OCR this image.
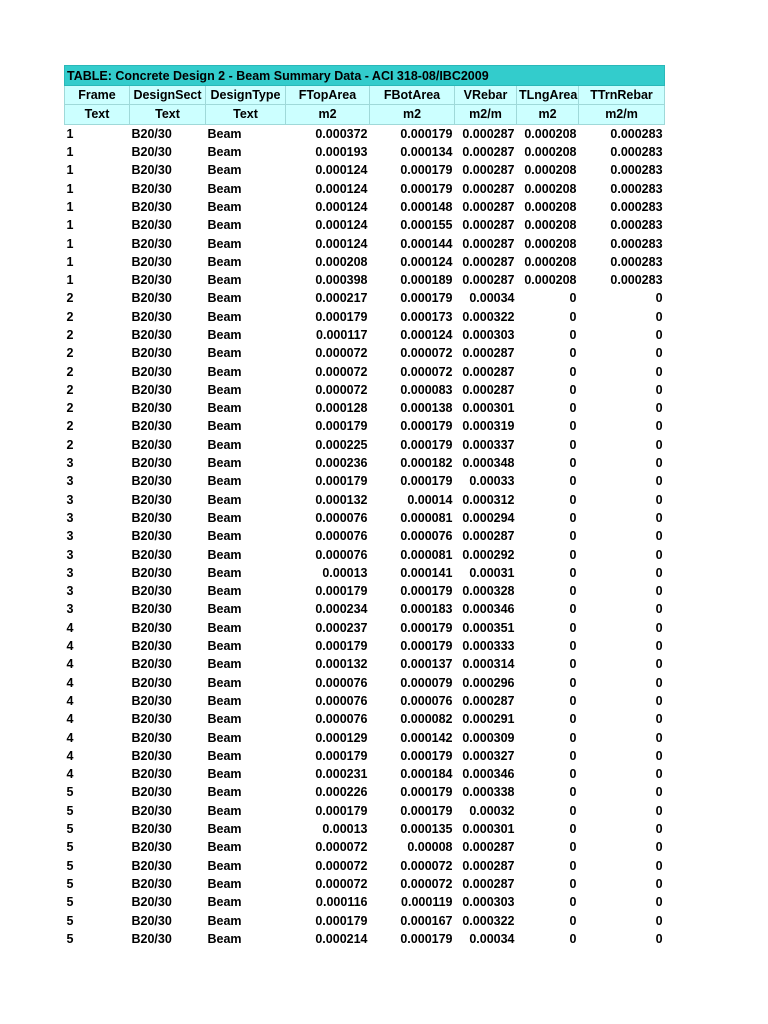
TABLE: Concrete Design 2 - Beam Summary Data - ACI 318-08/IBC2009							
Frame	DesignSect	DesignType	FTopArea	FBotArea	VRebar	TLngArea	TTrnRebar
Text	Text	Text	m2	m2	m2/m	m2	m2/m
1	B20/30	Beam	0.000372	0.000179	0.000287	0.000208	0.000283
1	B20/30	Beam	0.000193	0.000134	0.000287	0.000208	0.000283
1	B20/30	Beam	0.000124	0.000179	0.000287	0.000208	0.000283
1	B20/30	Beam	0.000124	0.000179	0.000287	0.000208	0.000283
1	B20/30	Beam	0.000124	0.000148	0.000287	0.000208	0.000283
1	B20/30	Beam	0.000124	0.000155	0.000287	0.000208	0.000283
1	B20/30	Beam	0.000124	0.000144	0.000287	0.000208	0.000283
1	B20/30	Beam	0.000208	0.000124	0.000287	0.000208	0.000283
1	B20/30	Beam	0.000398	0.000189	0.000287	0.000208	0.000283
2	B20/30	Beam	0.000217	0.000179	0.00034	0	0
2	B20/30	Beam	0.000179	0.000173	0.000322	0	0
2	B20/30	Beam	0.000117	0.000124	0.000303	0	0
2	B20/30	Beam	0.000072	0.000072	0.000287	0	0
2	B20/30	Beam	0.000072	0.000072	0.000287	0	0
2	B20/30	Beam	0.000072	0.000083	0.000287	0	0
2	B20/30	Beam	0.000128	0.000138	0.000301	0	0
2	B20/30	Beam	0.000179	0.000179	0.000319	0	0
2	B20/30	Beam	0.000225	0.000179	0.000337	0	0
3	B20/30	Beam	0.000236	0.000182	0.000348	0	0
3	B20/30	Beam	0.000179	0.000179	0.00033	0	0
3	B20/30	Beam	0.000132	0.00014	0.000312	0	0
3	B20/30	Beam	0.000076	0.000081	0.000294	0	0
3	B20/30	Beam	0.000076	0.000076	0.000287	0	0
3	B20/30	Beam	0.000076	0.000081	0.000292	0	0
3	B20/30	Beam	0.00013	0.000141	0.00031	0	0
3	B20/30	Beam	0.000179	0.000179	0.000328	0	0
3	B20/30	Beam	0.000234	0.000183	0.000346	0	0
4	B20/30	Beam	0.000237	0.000179	0.000351	0	0
4	B20/30	Beam	0.000179	0.000179	0.000333	0	0
4	B20/30	Beam	0.000132	0.000137	0.000314	0	0
4	B20/30	Beam	0.000076	0.000079	0.000296	0	0
4	B20/30	Beam	0.000076	0.000076	0.000287	0	0
4	B20/30	Beam	0.000076	0.000082	0.000291	0	0
4	B20/30	Beam	0.000129	0.000142	0.000309	0	0
4	B20/30	Beam	0.000179	0.000179	0.000327	0	0
4	B20/30	Beam	0.000231	0.000184	0.000346	0	0
5	B20/30	Beam	0.000226	0.000179	0.000338	0	0
5	B20/30	Beam	0.000179	0.000179	0.00032	0	0
5	B20/30	Beam	0.00013	0.000135	0.000301	0	0
5	B20/30	Beam	0.000072	0.00008	0.000287	0	0
5	B20/30	Beam	0.000072	0.000072	0.000287	0	0
5	B20/30	Beam	0.000072	0.000072	0.000287	0	0
5	B20/30	Beam	0.000116	0.000119	0.000303	0	0
5	B20/30	Beam	0.000179	0.000167	0.000322	0	0
5	B20/30	Beam	0.000214	0.000179	0.00034	0	0
